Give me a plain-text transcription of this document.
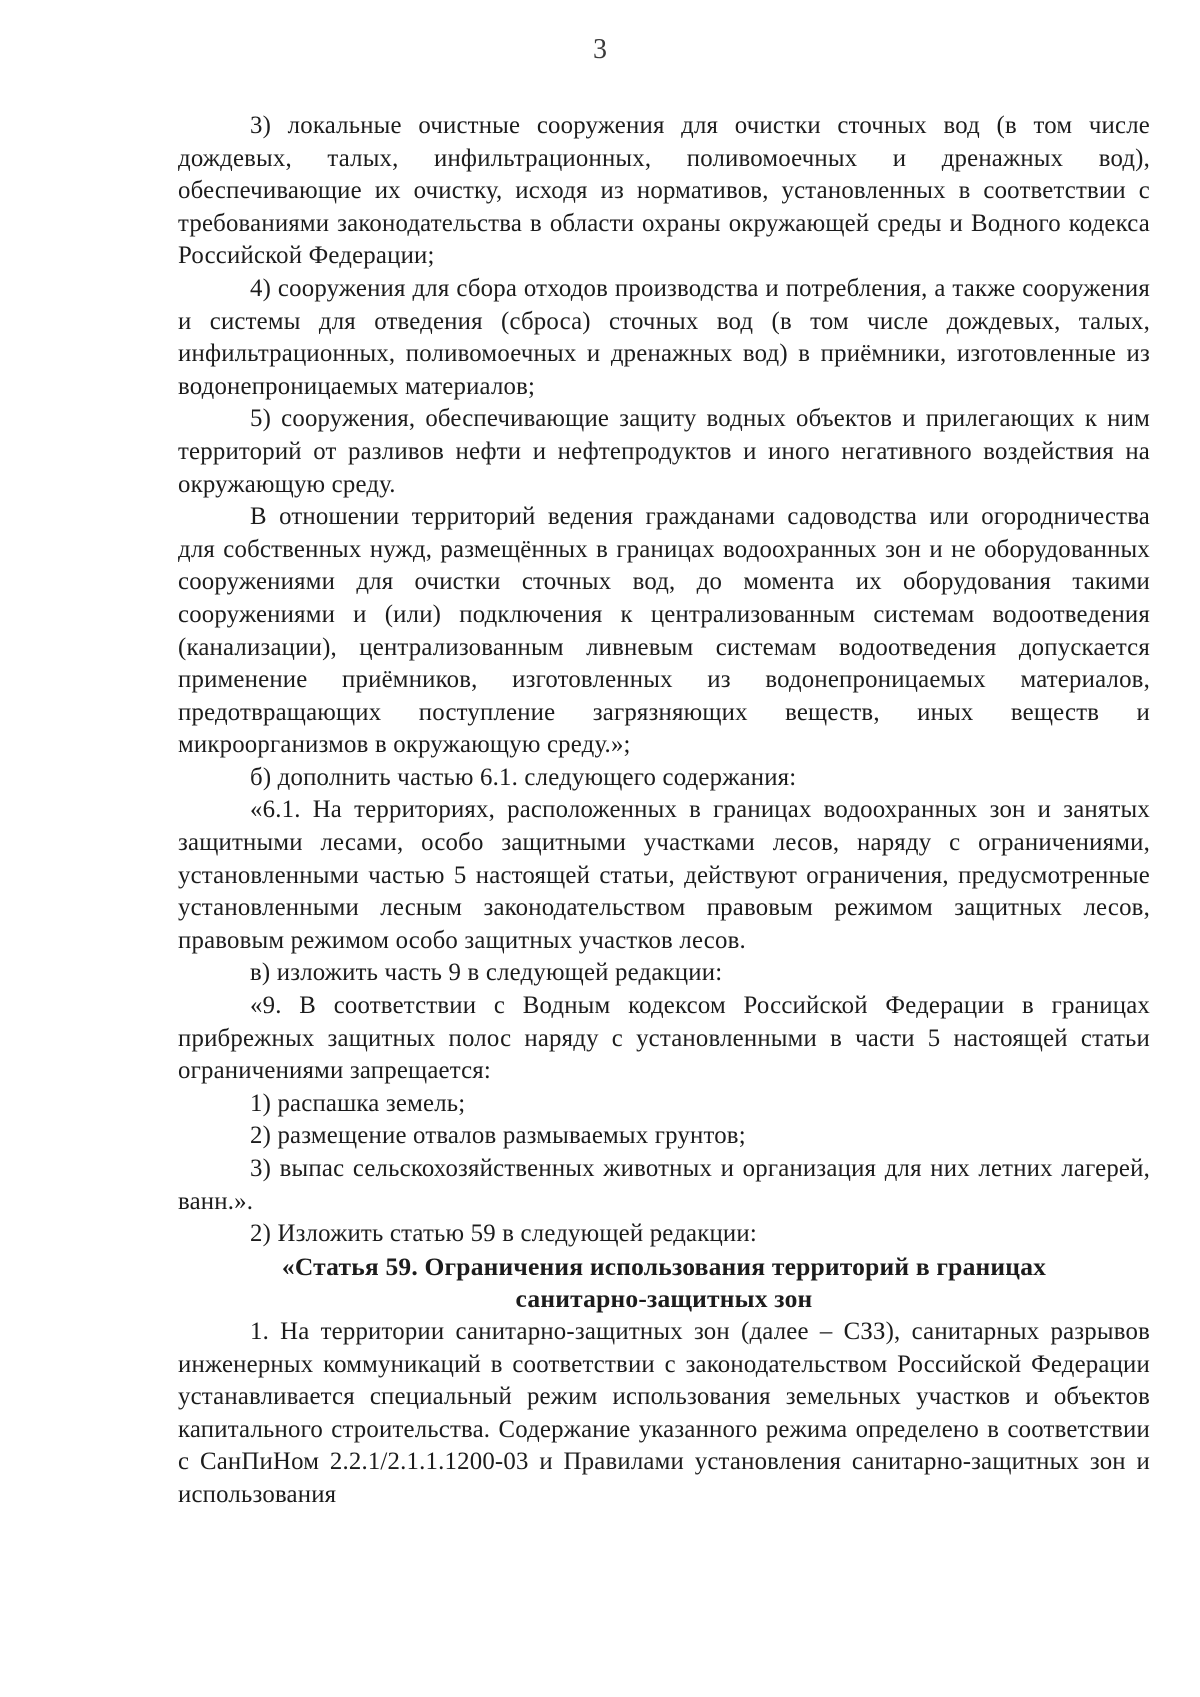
3

3) локальные очистные сооружения для очистки сточных вод (в том числе дождевых, талых, инфильтрационных, поливомоечных и дренажных вод), обеспечивающие их очистку, исходя из нормативов, установленных в соответствии с требованиями законодательства в области охраны окружающей среды и Водного кодекса Российской Федерации;

4) сооружения для сбора отходов производства и потребления, а также сооружения и системы для отведения (сброса) сточных вод (в том числе дождевых, талых, инфильтрационных, поливомоечных и дренажных вод) в приёмники, изготовленные из водонепроницаемых материалов;

5) сооружения, обеспечивающие защиту водных объектов и прилегающих к ним территорий от разливов нефти и нефтепродуктов и иного негативного воздействия на окружающую среду.

В отношении территорий ведения гражданами садоводства или огородничества для собственных нужд, размещённых в границах водоохранных зон и не оборудованных сооружениями для очистки сточных вод, до момента их оборудования такими сооружениями и (или) подключения к централизованным системам водоотведения (канализации), централизованным ливневым системам водоотведения допускается применение приёмников, изготовленных из водонепроницаемых материалов, предотвращающих поступление загрязняющих веществ, иных веществ и микроорганизмов в окружающую среду.»;

б) дополнить частью 6.1. следующего содержания:

«6.1. На территориях, расположенных в границах водоохранных зон и занятых защитными лесами, особо защитными участками лесов, наряду с ограничениями, установленными частью 5 настоящей статьи, действуют ограничения, предусмотренные установленными лесным законодательством правовым режимом защитных лесов, правовым режимом особо защитных участков лесов.

в) изложить часть 9 в следующей редакции:

«9. В соответствии с Водным кодексом Российской Федерации в границах прибрежных защитных полос наряду с установленными в части 5 настоящей статьи ограничениями запрещается:

1) распашка земель;

2) размещение отвалов размываемых грунтов;

3) выпас сельскохозяйственных животных и организация для них летних лагерей, ванн.».

2) Изложить статью 59 в следующей редакции:

«Статья 59. Ограничения использования территорий в границах санитарно-защитных зон

1. На территории санитарно-защитных зон (далее – СЗЗ), санитарных разрывов инженерных коммуникаций в соответствии с законодательством Российской Федерации устанавливается специальный режим использования земельных участков и объектов капитального строительства. Содержание указанного режима определено в соответствии с СанПиНом 2.2.1/2.1.1.1200-03 и Правилами установления санитарно-защитных зон и использования
